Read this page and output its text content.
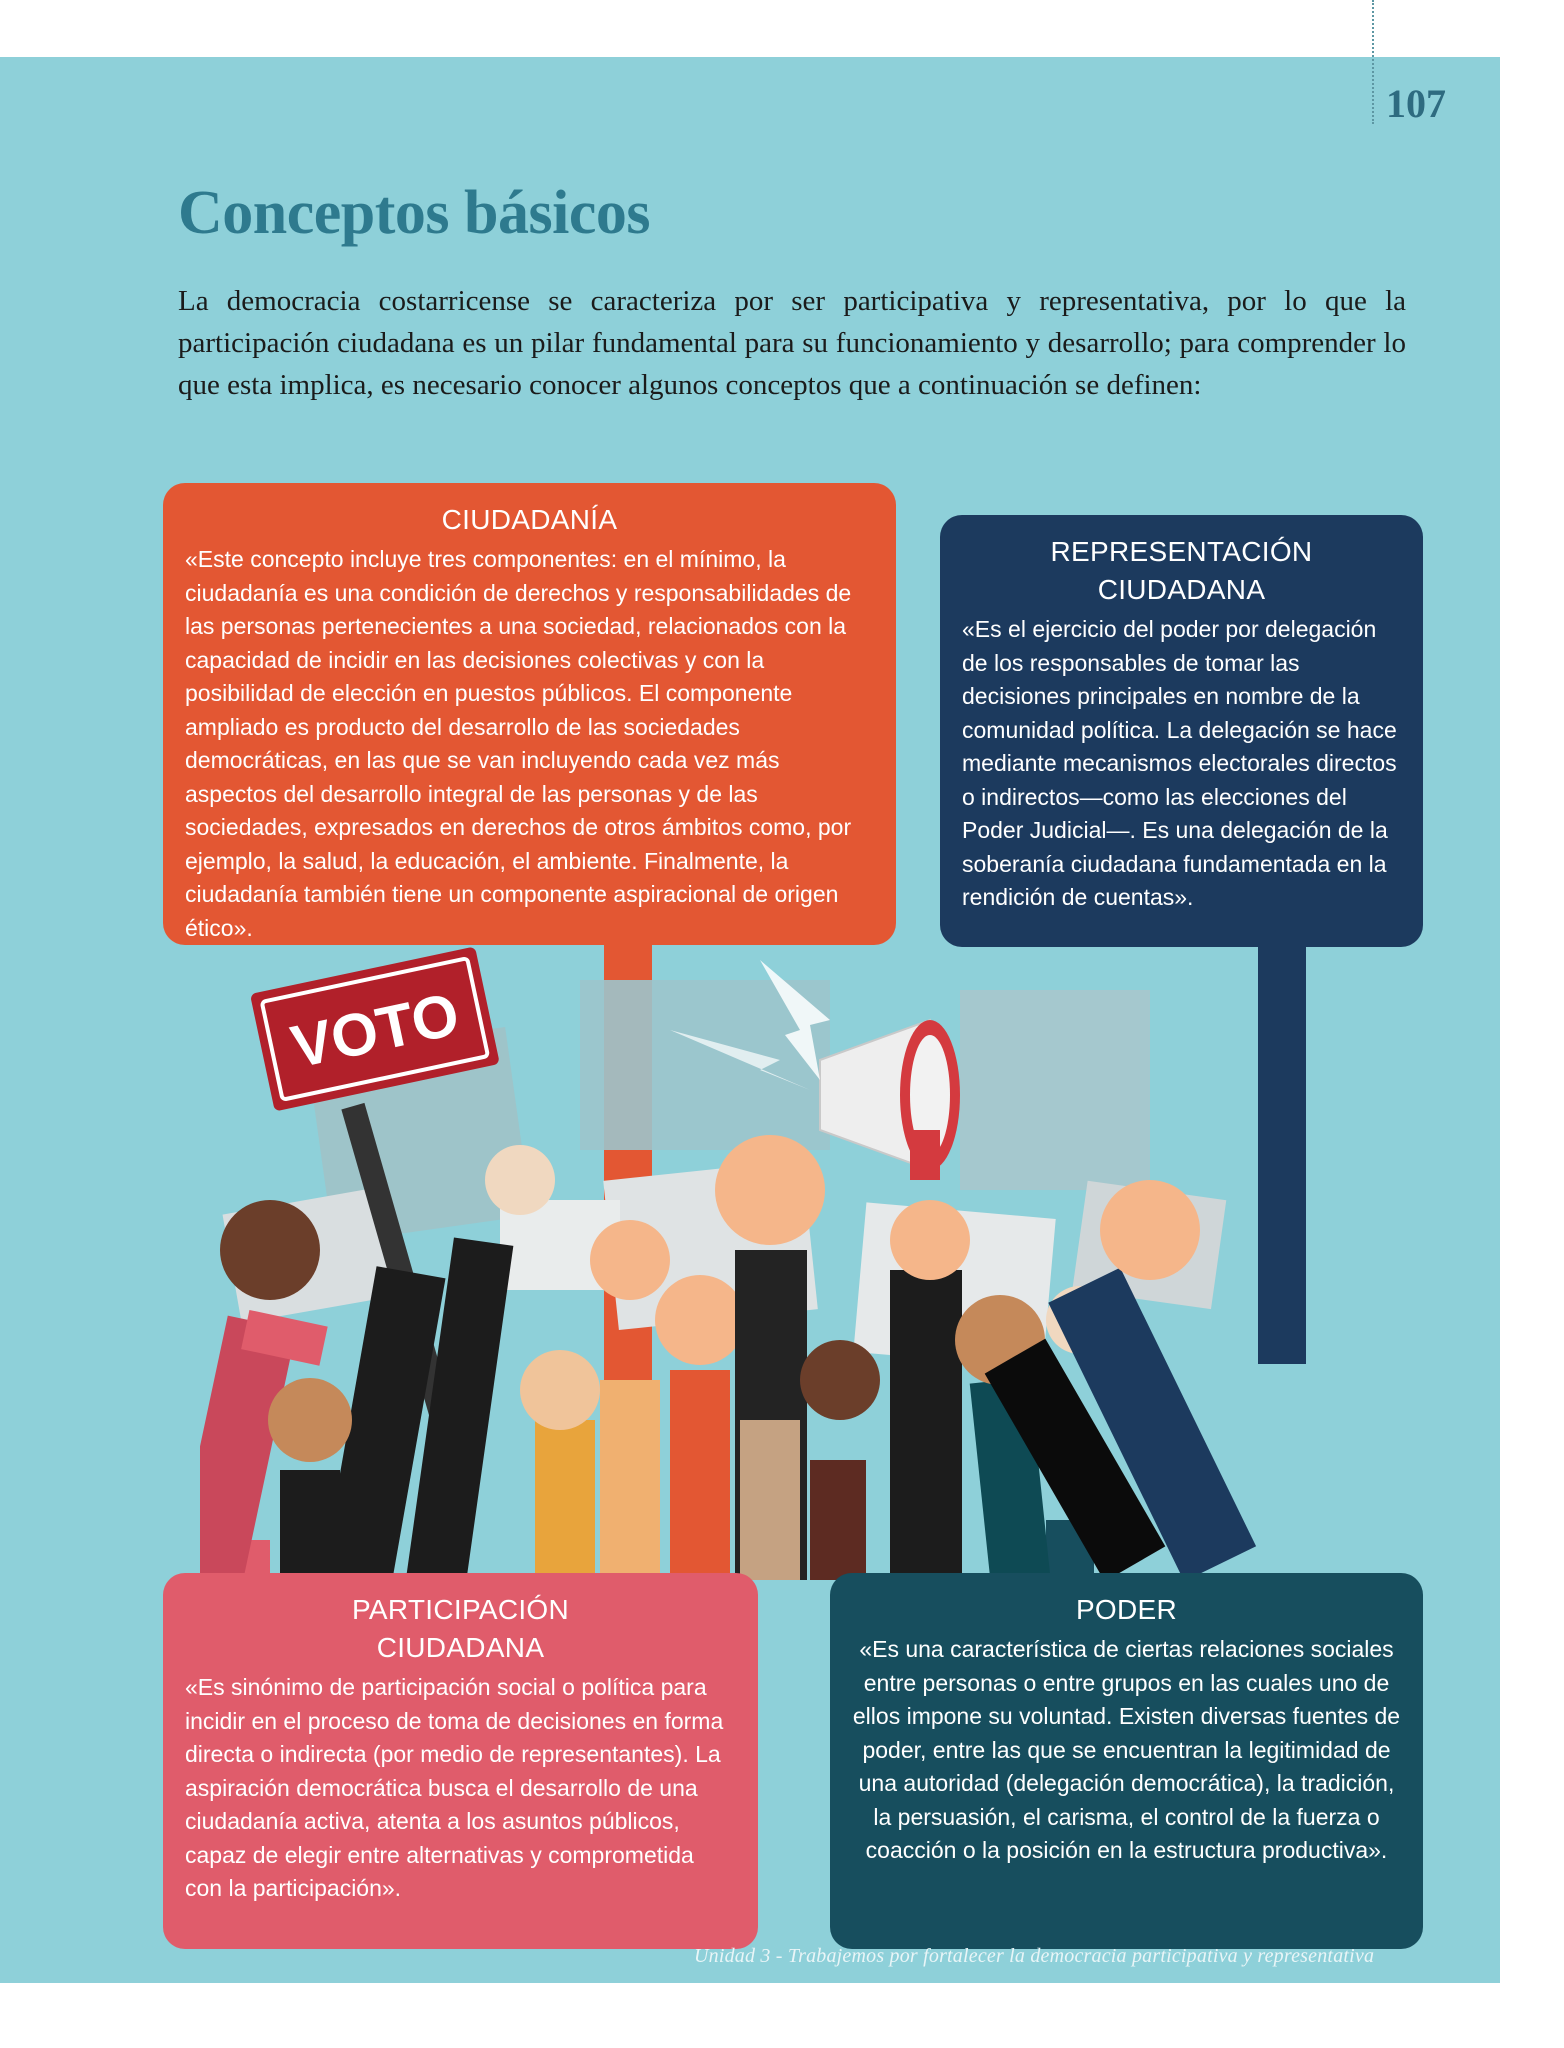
107
Conceptos básicos

La democracia costarricense se caracteriza por ser participativa y representativa, por lo que la participación ciudadana es un pilar fundamental para su funcionamiento y desarrollo; para comprender lo que esta implica, es necesario conocer algunos conceptos que a continuación se definen:

VOTO
CIUDADANÍA

«Este concepto incluye tres componentes: en el mínimo, la ciudadanía es una condición de derechos y responsabilidades de las personas pertenecientes a una sociedad, relacionados con la capacidad de incidir en las decisiones colectivas y con la posibilidad de elección en puestos públicos. El componente ampliado es producto del desarrollo de las sociedades democráticas, en las que se van incluyendo cada vez más aspectos del desarrollo integral de las personas y de las sociedades, expresados en derechos de otros ámbitos como, por ejemplo, la salud, la educación, el ambiente. Finalmente, la ciudadanía también tiene un componente aspiracional de origen ético».

REPRESENTACIÓN
CIUDADANA

«Es el ejercicio del poder por delegación de los responsables de tomar las decisiones principales en nombre de la comunidad política. La delegación se hace mediante mecanismos electorales directos o indirectos—como las elecciones del Poder Judicial—. Es una delegación de la soberanía ciudadana fundamentada en la rendición de cuentas».

PARTICIPACIÓN
CIUDADANA

«Es sinónimo de participación social o política para incidir en el proceso de toma de decisiones en forma directa o indirecta (por medio de representantes). La aspiración democrática busca el desarrollo de una ciudadanía activa, atenta a los asuntos públicos, capaz de elegir entre alternativas y comprometida con la participación».

PODER

«Es una característica de ciertas relaciones sociales entre personas o entre grupos en las cuales uno de ellos impone su voluntad. Existen diversas fuentes de poder, entre las que se encuentran la legitimidad de una autoridad (delegación democrática), la tradición, la persuasión, el carisma, el control de la fuerza o coacción o la posición en la estructura productiva».

Unidad 3 - Trabajemos por fortalecer la democracia participativa y representativa
